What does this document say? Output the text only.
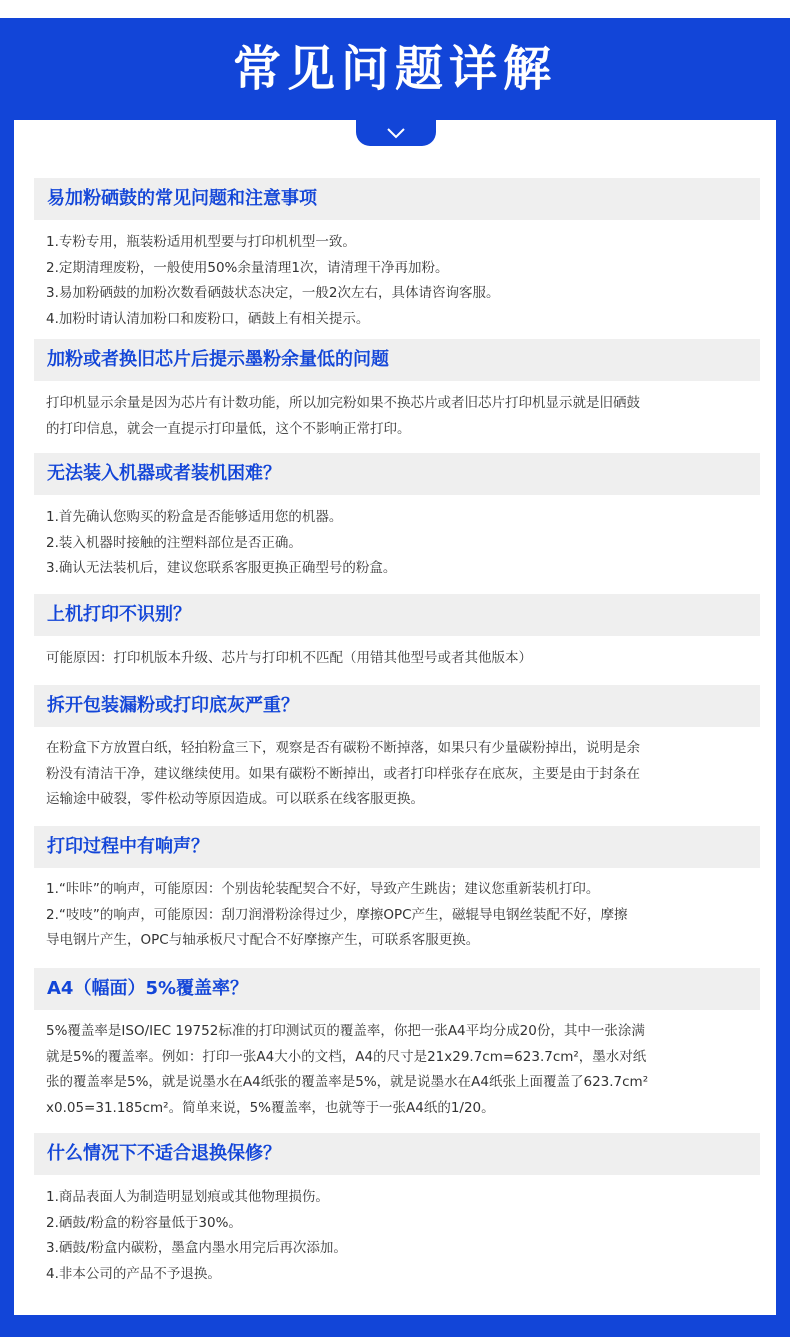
常见问题详解
易加粉硒鼓的常见问题和注意事项
1.专粉专用，瓶装粉适用机型要与打印机机型一致。
2.定期清理废粉，一般使用50%余量清理1次，请清理干净再加粉。
3.易加粉硒鼓的加粉次数看硒鼓状态决定，一般2次左右，具体请咨询客服。
4.加粉时请认清加粉口和废粉口，硒鼓上有相关提示。
加粉或者换旧芯片后提示墨粉余量低的问题
打印机显示余量是因为芯片有计数功能，所以加完粉如果不换芯片或者旧芯片打印机显示就是旧硒鼓
的打印信息，就会一直提示打印量低，这个不影响正常打印。
无法装入机器或者装机困难？
1.首先确认您购买的粉盒是否能够适用您的机器。
2.装入机器时接触的注塑料部位是否正确。
3.确认无法装机后，建议您联系客服更换正确型号的粉盒。
上机打印不识别？
可能原因：打印机版本升级、芯片与打印机不匹配（用错其他型号或者其他版本）
拆开包装漏粉或打印底灰严重？
在粉盒下方放置白纸，轻拍粉盒三下，观察是否有碳粉不断掉落，如果只有少量碳粉掉出，说明是余
粉没有清洁干净，建议继续使用。如果有碳粉不断掉出，或者打印样张存在底灰，主要是由于封条在
运输途中破裂，零件松动等原因造成。可以联系在线客服更换。
打印过程中有响声？
1.“咔咔”的响声，可能原因：个别齿轮装配契合不好，导致产生跳齿；建议您重新装机打印。
2.“吱吱”的响声，可能原因：刮刀润滑粉涂得过少，摩擦OPC产生，磁辊导电钢丝装配不好，摩擦
导电钢片产生，OPC与轴承板尺寸配合不好摩擦产生，可联系客服更换。
A4（幅面）5%覆盖率？
5%覆盖率是ISO/IEC 19752标准的打印测试页的覆盖率，你把一张A4平均分成20份，其中一张涂满
就是5%的覆盖率。例如：打印一张A4大小的文档，A4的尺寸是21x29.7cm=623.7cm²，墨水对纸
张的覆盖率是5%，就是说墨水在A4纸张的覆盖率是5%，就是说墨水在A4纸张上面覆盖了623.7cm²
x0.05=31.185cm²。简单来说，5%覆盖率，也就等于一张A4纸的1/20。
什么情况下不适合退换保修？
1.商品表面人为制造明显划痕或其他物理损伤。
2.硒鼓/粉盒的粉容量低于30%。
3.硒鼓/粉盒内碳粉，墨盒内墨水用完后再次添加。
4.非本公司的产品不予退换。
